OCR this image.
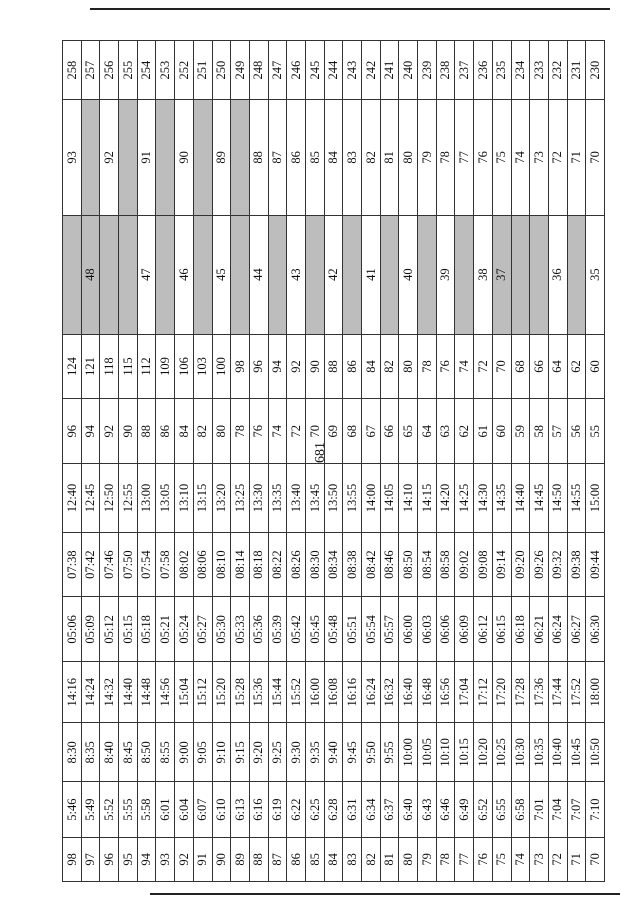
681
98	5:46	8:30	14:16	05:06	07:38	12:40	96	124		93	258
97	5:49	8:35	14:24	05:09	07:42	12:45	94	121	48		257
96	5:52	8:40	14:32	05:12	07:46	12:50	92	118		92	256
95	5:55	8:45	14:40	05:15	07:50	12:55	90	115			255
94	5:58	8:50	14:48	05:18	07:54	13:00	88	112	47	91	254
93	6:01	8:55	14:56	05:21	07:58	13:05	86	109			253
92	6:04	9:00	15:04	05:24	08:02	13:10	84	106	46	90	252
91	6:07	9:05	15:12	05:27	08:06	13:15	82	103			251
90	6:10	9:10	15:20	05:30	08:10	13:20	80	100	45	89	250
89	6:13	9:15	15:28	05:33	08:14	13:25	78	98			249
88	6:16	9:20	15:36	05:36	08:18	13:30	76	96	44	88	248
87	6:19	9:25	15:44	05:39	08:22	13:35	74	94		87	247
86	6:22	9:30	15:52	05:42	08:26	13:40	72	92	43	86	246
85	6:25	9:35	16:00	05:45	08:30	13:45	70	90		85	245
84	6:28	9:40	16:08	05:48	08:34	13:50	69	88	42	84	244
83	6:31	9:45	16:16	05:51	08:38	13:55	68	86		83	243
82	6:34	9:50	16:24	05:54	08:42	14:00	67	84	41	82	242
81	6:37	9:55	16:32	05:57	08:46	14:05	66	82		81	241
80	6:40	10:00	16:40	06:00	08:50	14:10	65	80	40	80	240
79	6:43	10:05	16:48	06:03	08:54	14:15	64	78		79	239
78	6:46	10:10	16:56	06:06	08:58	14:20	63	76	39	78	238
77	6:49	10:15	17:04	06:09	09:02	14:25	62	74		77	237
76	6:52	10:20	17:12	06:12	09:08	14:30	61	72	38	76	236
75	6:55	10:25	17:20	06:15	09:14	14:35	60	70	37	75	235
74	6:58	10:30	17:28	06:18	09:20	14:40	59	68		74	234
73	7:01	10:35	17:36	06:21	09:26	14:45	58	66		73	233
72	7:04	10:40	17:44	06:24	09:32	14:50	57	64	36	72	232
71	7:07	10:45	17:52	06:27	09:38	14:55	56	62		71	231
70	7:10	10:50	18:00	06:30	09:44	15:00	55	60	35	70	230
